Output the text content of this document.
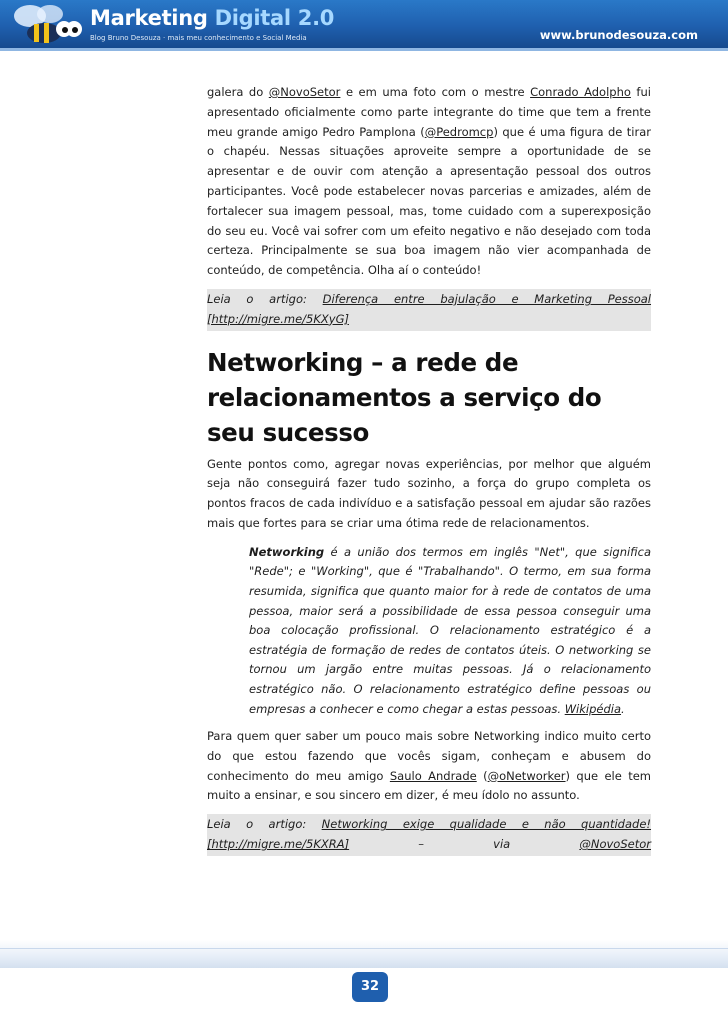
Marketing Digital 2.0
Blog Bruno Desouza · mais meu conhecimento e Social Media	www.brunodesouza.com

galera do @NovoSetor e em uma foto com o mestre Conrado Adolpho fui apresentado oficialmente como parte integrante do time que tem a frente meu grande amigo Pedro Pamplona (@Pedromcp) que é uma figura de tirar o chapéu. Nessas situações aproveite sempre a oportunidade de se apresentar e de ouvir com atenção a apresentação pessoal dos outros participantes. Você pode estabelecer novas parcerias e amizades, além de fortalecer sua imagem pessoal, mas, tome cuidado com a superexposição do seu eu. Você vai sofrer com um efeito negativo e não desejado com toda certeza. Principalmente se sua boa imagem não vier acompanhada de conteúdo, de competência. Olha aí o conteúdo!

Leia o artigo: Diferença entre bajulação e Marketing Pessoal
[http://migre.me/5KXyG]
Networking – a rede de relacionamentos a serviço do seu sucesso

Gente pontos como, agregar novas experiências, por melhor que alguém seja não conseguirá fazer tudo sozinho, a força do grupo completa os pontos fracos de cada indivíduo e a satisfação pessoal em ajudar são razões mais que fortes para se criar uma ótima rede de relacionamentos.

Networking é a união dos termos em inglês "Net", que significa "Rede"; e "Working", que é "Trabalhando". O termo, em sua forma resumida, significa que quanto maior for à rede de contatos de uma pessoa, maior será a possibilidade de essa pessoa conseguir uma boa colocação profissional. O relacionamento estratégico é a estratégia de formação de redes de contatos úteis. O networking se tornou um jargão entre muitas pessoas. Já o relacionamento estratégico não. O relacionamento estratégico define pessoas ou empresas a conhecer e como chegar a estas pessoas. Wikipédia.

Para quem quer saber um pouco mais sobre Networking indico muito certo do que estou fazendo que vocês sigam, conheçam e abusem do conhecimento do meu amigo Saulo Andrade (@oNetworker) que ele tem muito a ensinar, e sou sincero em dizer, é meu ídolo no assunto.

Leia o artigo: Networking exige qualidade e não quantidade!
[http://migre.me/5KXRA] – via @NovoSetor
32
